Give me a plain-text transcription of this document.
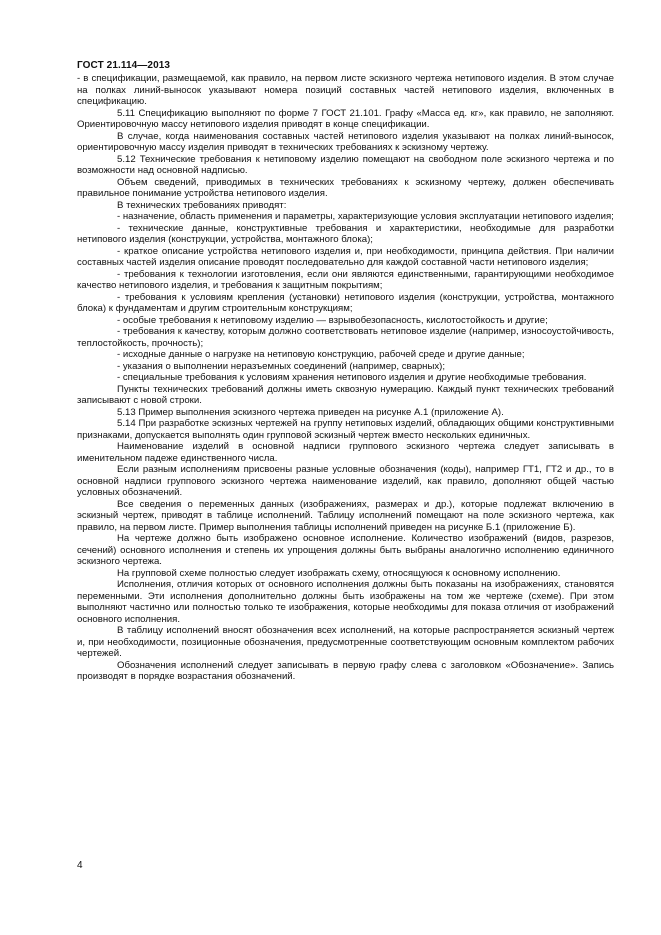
ГОСТ 21.114—2013

- в спецификации, размещаемой, как правило, на первом листе эскизного чертежа нетипового изделия. В этом случае на полках линий-выносок указывают номера позиций составных частей нетипового изделия, включенных в спецификацию.

5.11 Спецификацию выполняют по форме 7 ГОСТ 21.101. Графу «Масса ед. кг», как правило, не заполняют. Ориентировочную массу нетипового изделия приводят в конце спецификации.

В случае, когда наименования составных частей нетипового изделия указывают на полках линий-выносок, ориентировочную массу изделия приводят в технических требованиях к эскизному чертежу.

5.12 Технические требования к нетиповому изделию помещают на свободном поле эскизного чертежа и по возможности над основной надписью.

Объем сведений, приводимых в технических требованиях к эскизному чертежу, должен обеспечивать правильное понимание устройства нетипового изделия.

В технических требованиях приводят:

- назначение, область применения и параметры, характеризующие условия эксплуатации нетипового изделия;

- технические данные, конструктивные требования и характеристики, необходимые для разработки нетипового изделия (конструкции, устройства, монтажного блока);

- краткое описание устройства нетипового изделия и, при необходимости, принципа действия. При наличии составных частей изделия описание проводят последовательно для каждой составной части нетипового изделия;

- требования к технологии изготовления, если они являются единственными, гарантирующими необходимое качество нетипового изделия, и требования к защитным покрытиям;

- требования к условиям крепления (установки) нетипового изделия (конструкции, устройства, монтажного блока) к фундаментам и другим строительным конструкциям;

- особые требования к нетиповому изделию — взрывобезопасность, кислотостойкость и другие;

- требования к качеству, которым должно соответствовать нетиповое изделие (например, износоустойчивость, теплостойкость, прочность);

- исходные данные о нагрузке на нетиповую конструкцию, рабочей среде и другие данные;

- указания о выполнении неразъемных соединений (например, сварных);

- специальные требования к условиям хранения нетипового изделия и другие необходимые требования.

Пункты технических требований должны иметь сквозную нумерацию. Каждый пункт технических требований записывают с новой строки.

5.13 Пример выполнения эскизного чертежа приведен на рисунке А.1 (приложение А).

5.14 При разработке эскизных чертежей на группу нетиповых изделий, обладающих общими конструктивными признаками, допускается выполнять один групповой эскизный чертеж вместо нескольких единичных.

Наименование изделий в основной надписи группового эскизного чертежа следует записывать в именительном падеже единственного числа.

Если разным исполнениям присвоены разные условные обозначения (коды), например ГТ1, ГТ2 и др., то в основной надписи группового эскизного чертежа наименование изделий, как правило, дополняют общей частью условных обозначений.

Все сведения о переменных данных (изображениях, размерах и др.), которые подлежат включению в эскизный чертеж, приводят в таблице исполнений. Таблицу исполнений помещают на поле эскизного чертежа, как правило, на первом листе. Пример выполнения таблицы исполнений приведен на рисунке Б.1 (приложение Б).

На чертеже должно быть изображено основное исполнение. Количество изображений (видов, разрезов, сечений) основного исполнения и степень их упрощения должны быть выбраны аналогично исполнению единичного эскизного чертежа.

На групповой схеме полностью следует изображать схему, относящуюся к основному исполнению.

Исполнения, отличия которых от основного исполнения должны быть показаны на изображениях, становятся переменными. Эти исполнения дополнительно должны быть изображены на том же чертеже (схеме). При этом выполняют частично или полностью только те изображения, которые необходимы для показа отличия от изображений основного исполнения.

В таблицу исполнений вносят обозначения всех исполнений, на которые распространяется эскизный чертеж и, при необходимости, позиционные обозначения, предусмотренные соответствующим основным комплектом рабочих чертежей.

Обозначения исполнений следует записывать в первую графу слева с заголовком «Обозначение». Запись производят в порядке возрастания обозначений.

4
